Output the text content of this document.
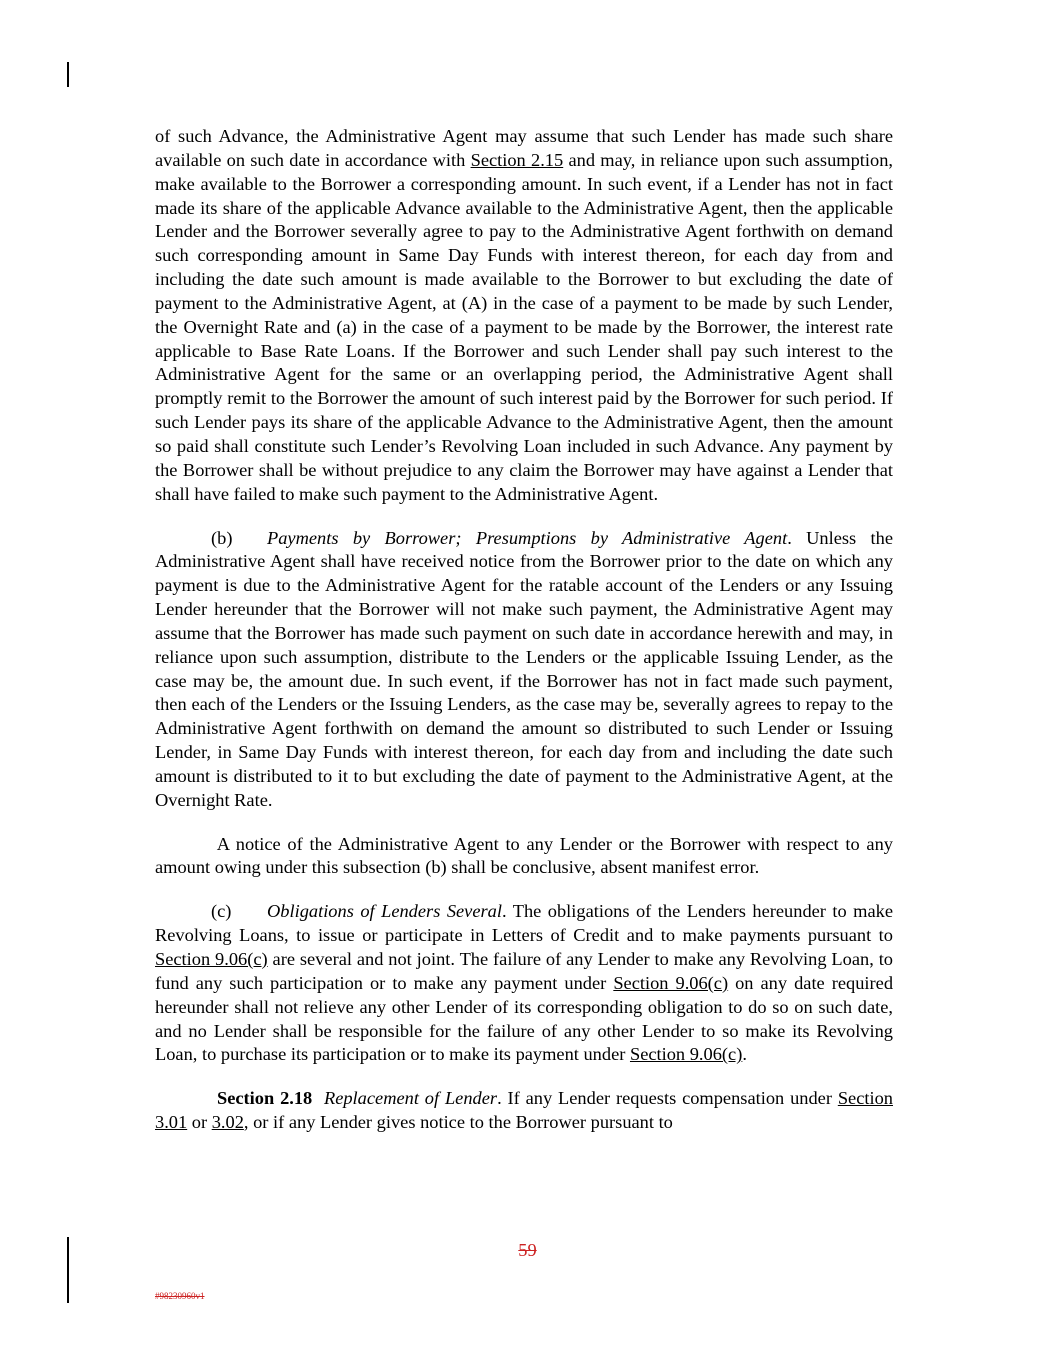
of such Advance, the Administrative Agent may assume that such Lender has made such share available on such date in accordance with Section 2.15 and may, in reliance upon such assumption, make available to the Borrower a corresponding amount. In such event, if a Lender has not in fact made its share of the applicable Advance available to the Administrative Agent, then the applicable Lender and the Borrower severally agree to pay to the Administrative Agent forthwith on demand such corresponding amount in Same Day Funds with interest thereon, for each day from and including the date such amount is made available to the Borrower to but excluding the date of payment to the Administrative Agent, at (A) in the case of a payment to be made by such Lender, the Overnight Rate and (a) in the case of a payment to be made by the Borrower, the interest rate applicable to Base Rate Loans. If the Borrower and such Lender shall pay such interest to the Administrative Agent for the same or an overlapping period, the Administrative Agent shall promptly remit to the Borrower the amount of such interest paid by the Borrower for such period. If such Lender pays its share of the applicable Advance to the Administrative Agent, then the amount so paid shall constitute such Lender’s Revolving Loan included in such Advance. Any payment by the Borrower shall be without prejudice to any claim the Borrower may have against a Lender that shall have failed to make such payment to the Administrative Agent.

(b) Payments by Borrower; Presumptions by Administrative Agent. Unless the Administrative Agent shall have received notice from the Borrower prior to the date on which any payment is due to the Administrative Agent for the ratable account of the Lenders or any Issuing Lender hereunder that the Borrower will not make such payment, the Administrative Agent may assume that the Borrower has made such payment on such date in accordance herewith and may, in reliance upon such assumption, distribute to the Lenders or the applicable Issuing Lender, as the case may be, the amount due. In such event, if the Borrower has not in fact made such payment, then each of the Lenders or the Issuing Lenders, as the case may be, severally agrees to repay to the Administrative Agent forthwith on demand the amount so distributed to such Lender or Issuing Lender, in Same Day Funds with interest thereon, for each day from and including the date such amount is distributed to it to but excluding the date of payment to the Administrative Agent, at the Overnight Rate.

A notice of the Administrative Agent to any Lender or the Borrower with respect to any amount owing under this subsection (b) shall be conclusive, absent manifest error.

(c) Obligations of Lenders Several. The obligations of the Lenders hereunder to make Revolving Loans, to issue or participate in Letters of Credit and to make payments pursuant to Section 9.06(c) are several and not joint. The failure of any Lender to make any Revolving Loan, to fund any such participation or to make any payment under Section 9.06(c) on any date required hereunder shall not relieve any other Lender of its corresponding obligation to do so on such date, and no Lender shall be responsible for the failure of any other Lender to so make its Revolving Loan, to purchase its participation or to make its payment under Section 9.06(c).

Section 2.18 Replacement of Lender. If any Lender requests compensation under Section 3.01 or 3.02, or if any Lender gives notice to the Borrower pursuant to

59
#98230960v1
